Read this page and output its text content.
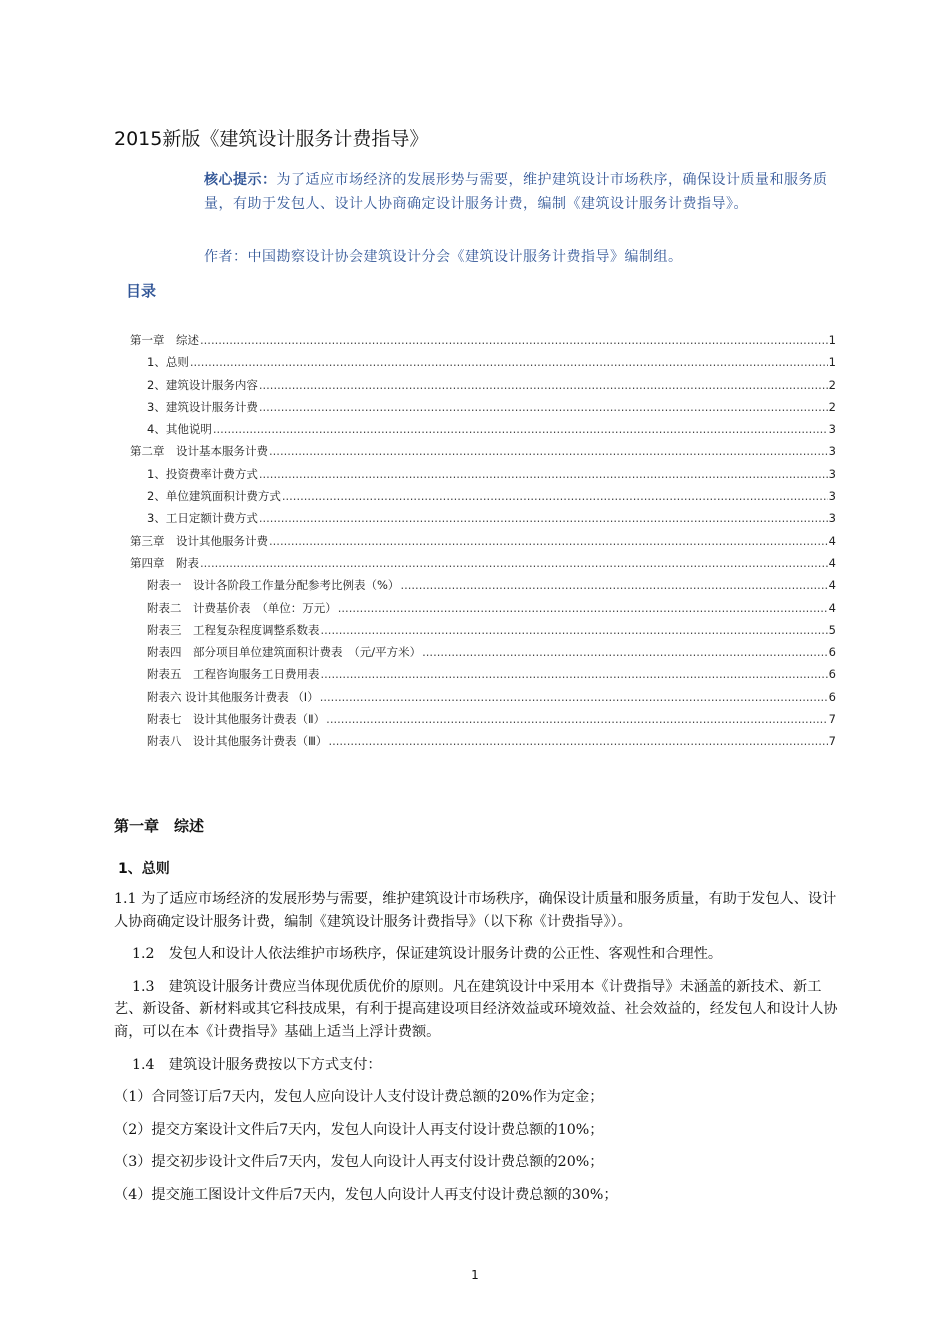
2015新版《建筑设计服务计费指导》
核心提示：为了适应市场经济的发展形势与需要，维护建筑设计市场秩序，确保设计质量和服务质量，有助于发包人、设计人协商确定设计服务计费，编制《建筑设计服务计费指导》。
作者：中国勘察设计协会建筑设计分会《建筑设计服务计费指导》编制组。
目录
第一章　综述 .....	1
1、总则 .....	1
2、建筑设计服务内容 .....	2
3、建筑设计服务计费 .....	2
4、其他说明 .....	3
第二章　设计基本服务计费 .....	3
1、投资费率计费方式 .....	3
2、单位建筑面积计费方式 .....	3
3、工日定额计费方式 .....	3
第三章　设计其他服务计费 .....	4
第四章　附表 .....	4
附表一　设计各阶段工作量分配参考比例表（%） .....	4
附表二　计费基价表　（单位：万元） .....	4
附表三　工程复杂程度调整系数表 .....	5
附表四　部分项目单位建筑面积计费表　（元/平方米） .....	6
附表五　工程咨询服务工日费用表 .....	6
附表六 设计其他服务计费表 （Ⅰ） .....	6
附表七　设计其他服务计费表（Ⅱ） .....	7
附表八　设计其他服务计费表（Ⅲ） .....	7
第一章　综述
1、总则

1.1 为了适应市场经济的发展形势与需要，维护建筑设计市场秩序，确保设计质量和服务质量，有助于发包人、设计人协商确定设计服务计费，编制《建筑设计服务计费指导》（以下称《计费指导》）。

1.2　发包人和设计人依法维护市场秩序，保证建筑设计服务计费的公正性、客观性和合理性。

1.3　建筑设计服务计费应当体现优质优价的原则。凡在建筑设计中采用本《计费指导》未涵盖的新技术、新工艺、新设备、新材料或其它科技成果，有利于提高建设项目经济效益或环境效益、社会效益的，经发包人和设计人协商，可以在本《计费指导》基础上适当上浮计费额。

1.4　建筑设计服务费按以下方式支付：

（1）合同签订后7天内，发包人应向设计人支付设计费总额的20%作为定金；

（2）提交方案设计文件后7天内，发包人向设计人再支付设计费总额的10%；

（3）提交初步设计文件后7天内，发包人向设计人再支付设计费总额的20%；

（4）提交施工图设计文件后7天内，发包人向设计人再支付设计费总额的30%；

1
